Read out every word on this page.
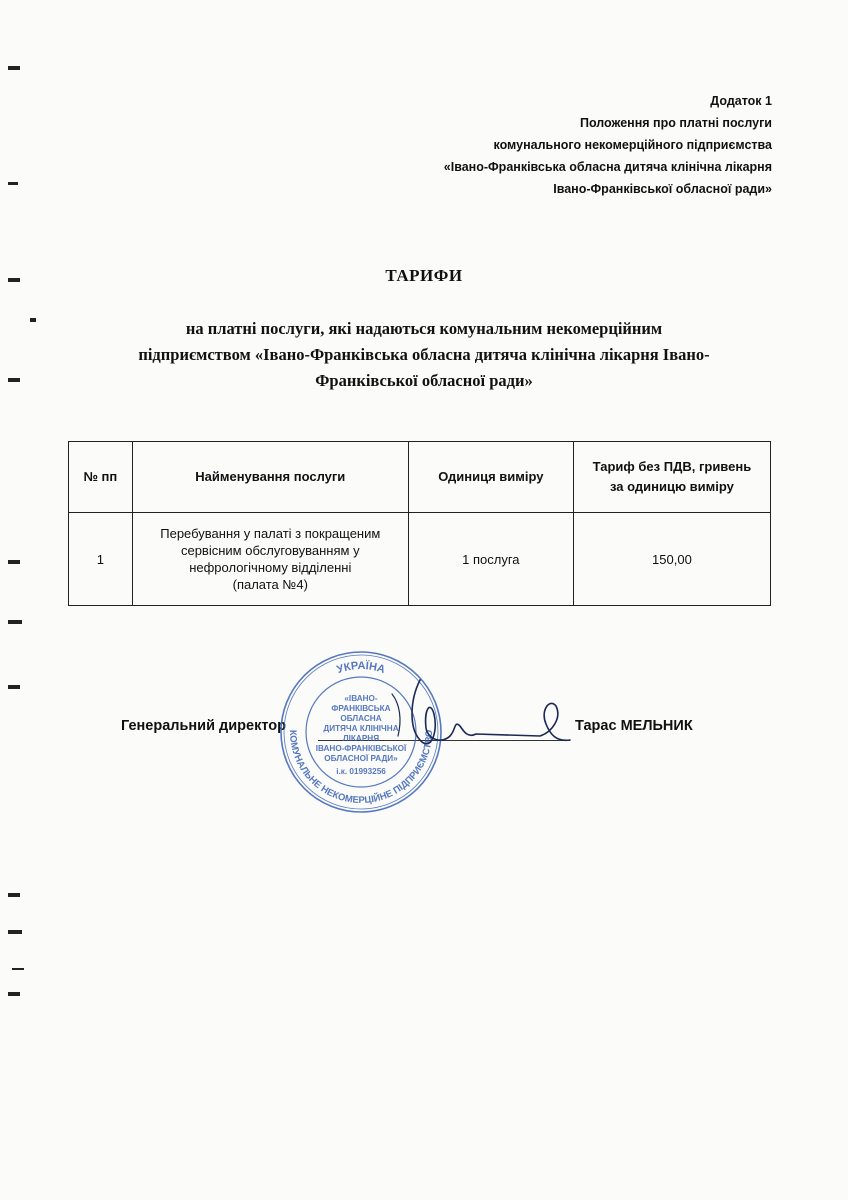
Додаток 1
Положення про платні послуги
комунального некомерційного підприємства
«Івано-Франківська обласна дитяча клінічна лікарня
Івано-Франківської обласної ради»
ТАРИФИ
на платні послуги, які надаються комунальним некомерційним
підприємством «Івано-Франківська обласна дитяча клінічна лікарня Івано-
Франківської обласної ради»
№ пп	Найменування послуги	Одиниця виміру	Тариф без ПДВ, гривень
за одиницю виміру

1	Перебування у палаті з покращеним
сервісним обслуговуванням у
нефрологічному відділенні
(палата №4)	1 послуга	150,00
Генеральний директор	Тарас МЕЛЬНИК
УКРАЇНА
КОМУНАЛЬНЕ НЕКОМЕРЦІЙНЕ ПІДПРИЄМСТВО
«ІВАНО-
ФРАНКІВСЬКА
ОБЛАСНА
ДИТЯЧА КЛІНІЧНА
ЛІКАРНЯ
ІВАНО-ФРАНКІВСЬКОЇ
ОБЛАСНОЇ РАДИ»
і.к. 01993256
